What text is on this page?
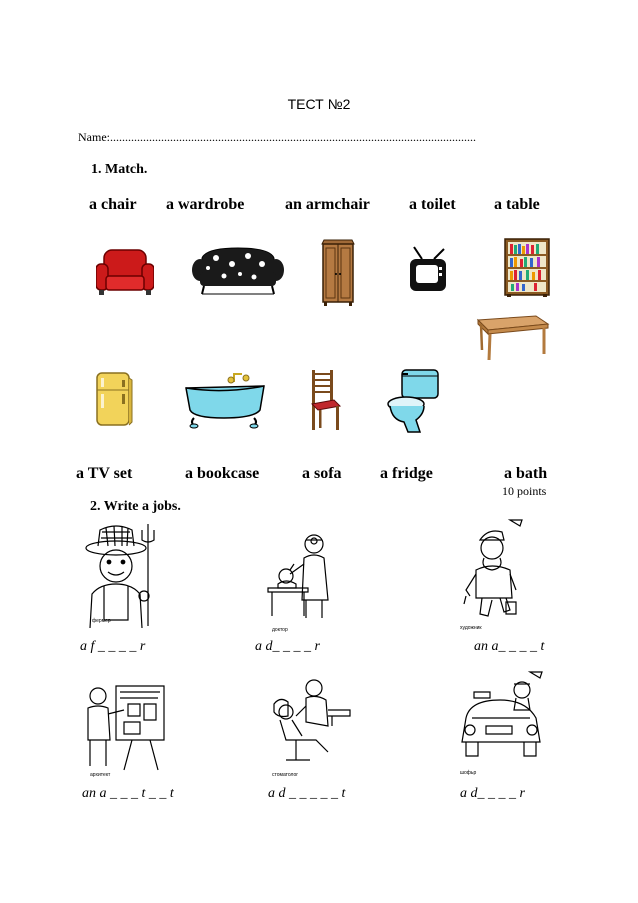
ТЕСТ №2
Name:..........................................................................................................................
1. Match.
a chair a wardrobe	an armchair a toilet a table
a TV set	a bookcase	a sofa a fridge	a bath
10 points
2. Write a jobs.
фермер
доктор	художник
a f _ _ _ _ r	a d_ _ _ _ r	an a_ _ _ _ t
архитект	стоматолог	шофьр
an a _ _ _ t _ _ t	a d _ _ _ _ _ t	a d_ _ _ _ r
